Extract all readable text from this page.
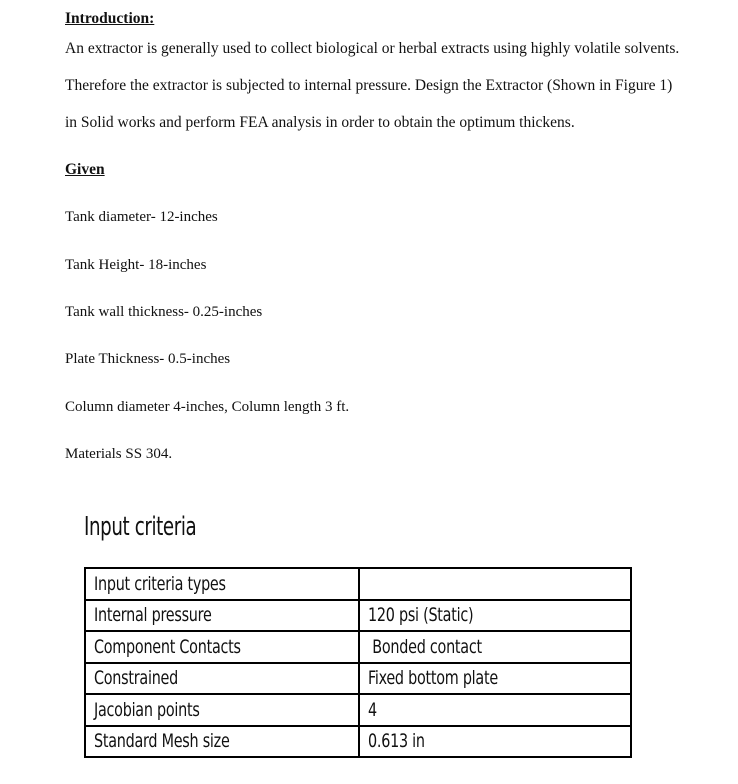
Introduction:

An extractor is generally used to collect biological or herbal extracts using highly volatile solvents. Therefore the extractor is subjected to internal pressure. Design the Extractor (Shown in Figure 1) in Solid works and perform FEA analysis in order to obtain the optimum thickens.

Given
Tank diameter- 12-inches
Tank Height- 18-inches
Tank wall thickness- 0.25-inches
Plate Thickness- 0.5-inches
Column diameter 4-inches, Column length 3 ft.
Materials SS 304.
Input criteria
Input criteria types	
Internal pressure	120 psi (Static)
Component Contacts	Bonded contact
Constrained	Fixed bottom plate
Jacobian points	4
Standard Mesh size	0.613 in
